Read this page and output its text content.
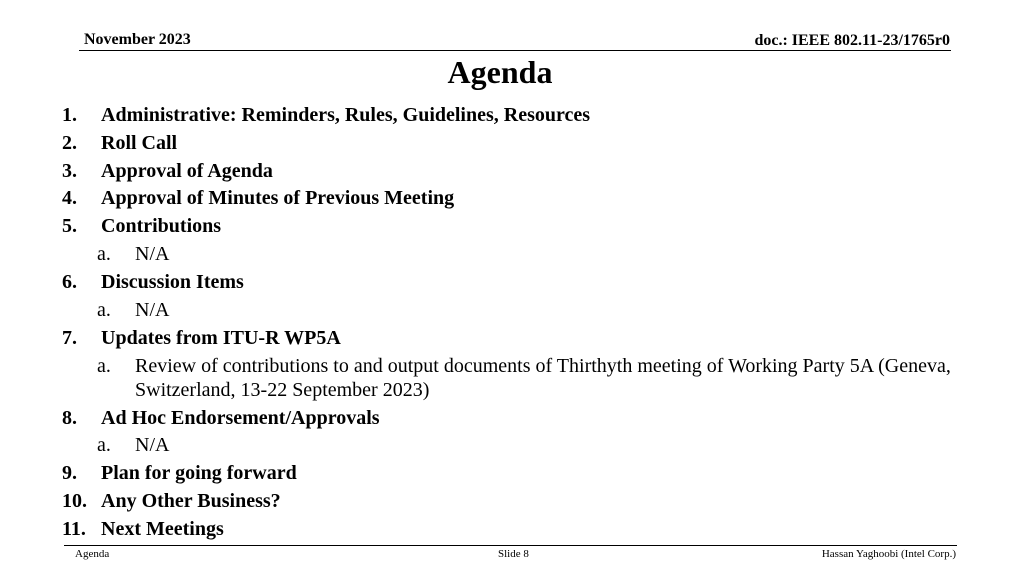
November 2023	doc.: IEEE 802.11-23/1765r0
Agenda
1.	Administrative: Reminders, Rules, Guidelines, Resources
2.	Roll Call
3.	Approval of Agenda
4.	Approval of Minutes of Previous Meeting
5.	Contributions
a.	N/A
6.	Discussion Items
a.	N/A
7.	Updates from ITU-R WP5A
a.	Review of contributions to and output documents of Thirthyth meeting of Working Party 5A (Geneva, Switzerland, 13-22 September 2023)
8.	Ad Hoc Endorsement/Approvals
a.	N/A
9.	Plan for going forward
10. Any Other Business?
11. Next Meetings
Agenda	Slide 8	Hassan Yaghoobi (Intel Corp.)
